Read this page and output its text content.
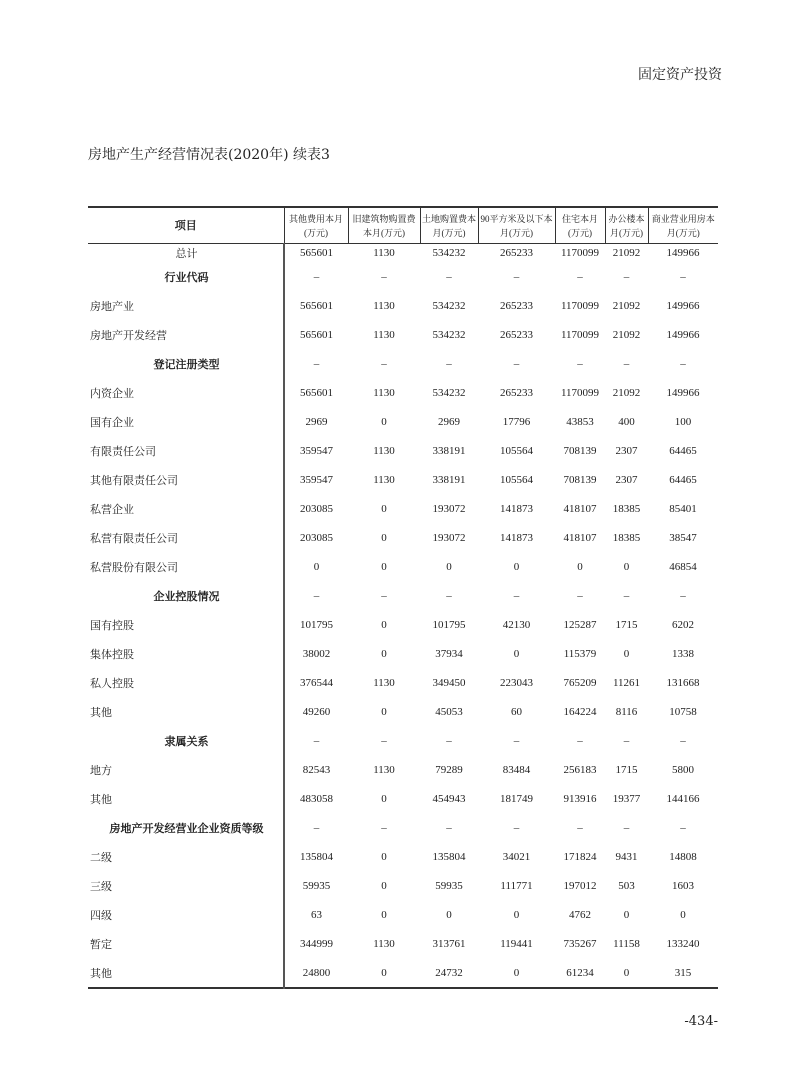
固定资产投资
房地产生产经营情况表(2020年) 续表3
项目	其他费用本月(万元)	旧建筑物购置费本月(万元)	土地购置费本月(万元)	90平方米及以下本月(万元)	住宅本月(万元)	办公楼本月(万元)	商业营业用房本月(万元)
总计	565601	1130	534232	265233	1170099	21092	149966
行业代码	–	–	–	–	–	–	–
房地产业	565601	1130	534232	265233	1170099	21092	149966
房地产开发经营	565601	1130	534232	265233	1170099	21092	149966
登记注册类型	–	–	–	–	–	–	–
内资企业	565601	1130	534232	265233	1170099	21092	149966
国有企业	2969	0	2969	17796	43853	400	100
有限责任公司	359547	1130	338191	105564	708139	2307	64465
其他有限责任公司	359547	1130	338191	105564	708139	2307	64465
私营企业	203085	0	193072	141873	418107	18385	85401
私营有限责任公司	203085	0	193072	141873	418107	18385	38547
私营股份有限公司	0	0	0	0	0	0	46854
企业控股情况	–	–	–	–	–	–	–
国有控股	101795	0	101795	42130	125287	1715	6202
集体控股	38002	0	37934	0	115379	0	1338
私人控股	376544	1130	349450	223043	765209	11261	131668
其他	49260	0	45053	60	164224	8116	10758
隶属关系	–	–	–	–	–	–	–
地方	82543	1130	79289	83484	256183	1715	5800
其他	483058	0	454943	181749	913916	19377	144166
房地产开发经营业企业资质等级	–	–	–	–	–	–	–
二级	135804	0	135804	34021	171824	9431	14808
三级	59935	0	59935	111771	197012	503	1603
四级	63	0	0	0	4762	0	0
暂定	344999	1130	313761	119441	735267	11158	133240
其他	24800	0	24732	0	61234	0	315
-434-
